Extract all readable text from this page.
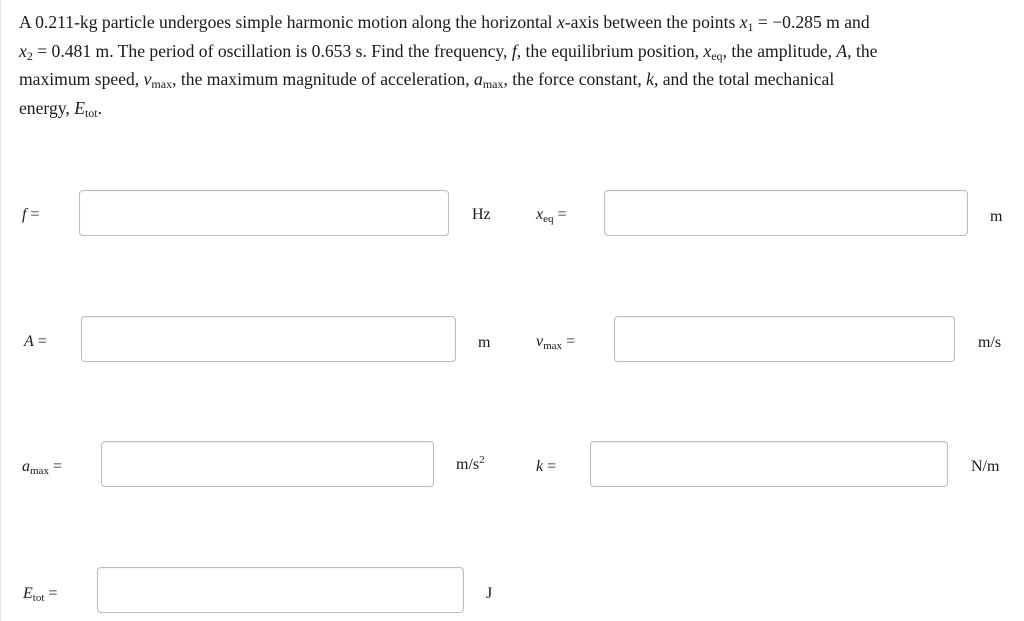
A 0.211-kg particle undergoes simple harmonic motion along the horizontal x-axis between the points $x_1 = -0.285$ m and
$x_2 = 0.481$ m. The period of oscillation is 0.653 s. Find the frequency, f, the equilibrium position, $x_{eq}$, the amplitude, A, the
maximum speed, $v_{max}$, the maximum magnitude of acceleration, $a_{max}$, the force constant, k, and the total mechanical
energy, $E_{tot}$.
f =	Hz	$x_{eq}$ =	m
A =	m	$v_{max}$ =	m/s
$a_{max}$ =	$m/s^2$	k =	N/m
$E_{tot}$ =	J
